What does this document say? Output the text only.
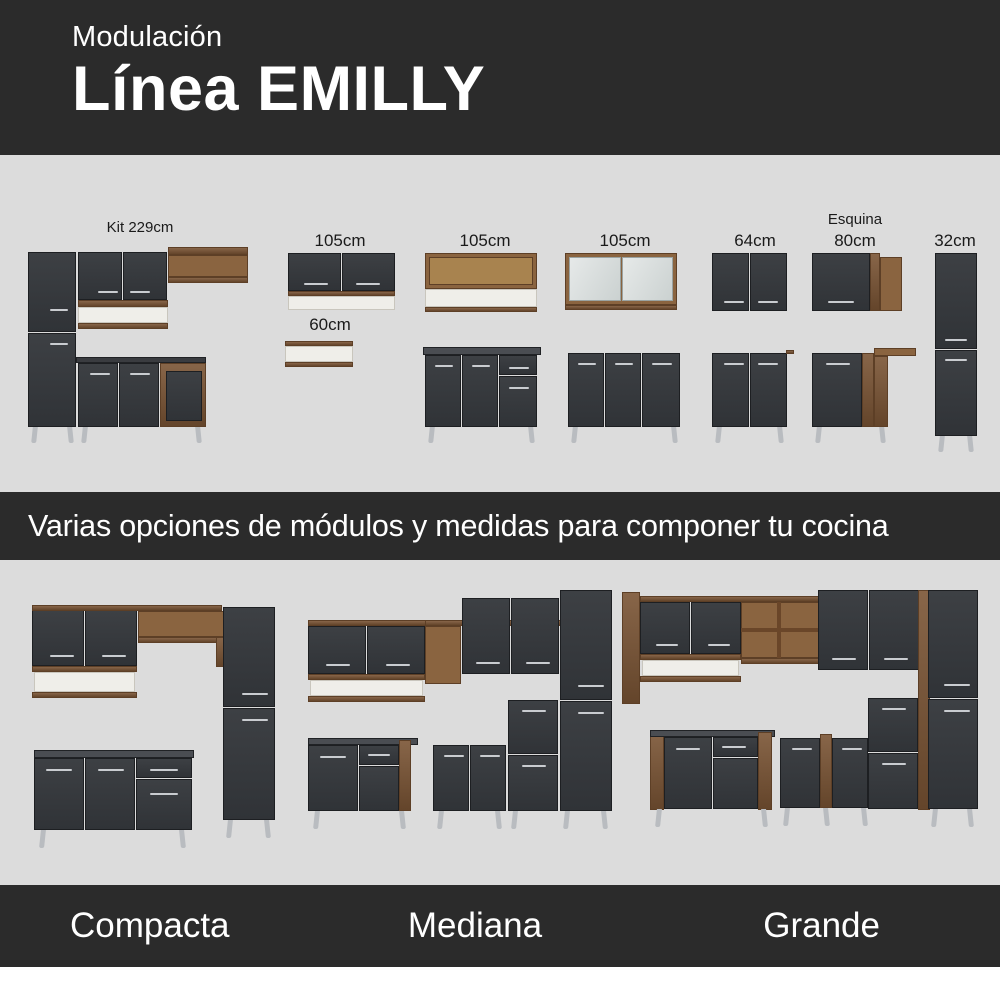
Modulación
Línea EMILLY
Kit 229cm
105cm
60cm
105cm	105cm	64cm
Esquina
80cm	32cm
Varias opciones de módulos y medidas para componer tu cocina
Compacta	Mediana	Grande
